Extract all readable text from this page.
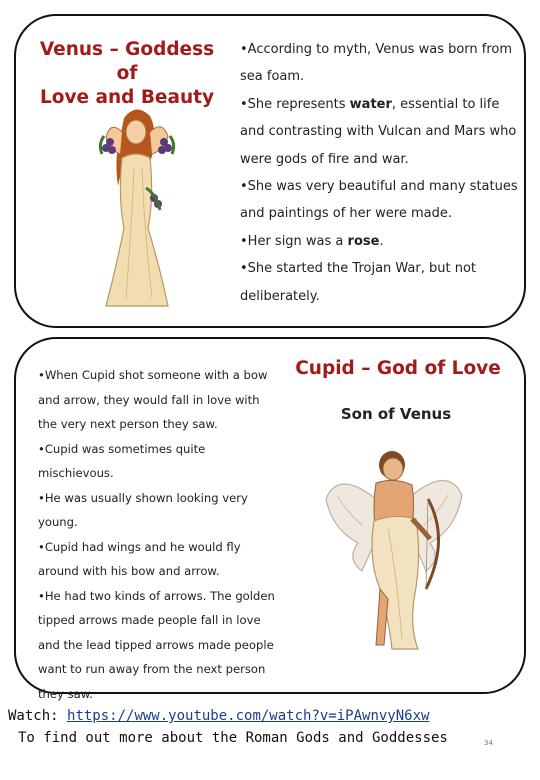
Venus – Goddess of
Love and Beauty

•According to myth, Venus was born from sea foam.

•She represents water, essential to life and contrasting with Vulcan and Mars who were gods of fire and war.

•She was very beautiful and many statues and paintings of her were made.

•Her sign was a rose.

•She started the Trojan War, but not deliberately.

•When Cupid shot someone with a bow and arrow, they would fall in love with the very next person they saw.

•Cupid was sometimes quite mischievous.

•He was usually shown looking very young.

•Cupid had wings and he would fly around with his bow and arrow.

•He had two kinds of arrows. The golden tipped arrows made people fall in love and the lead tipped arrows made people want to run away from the next person they saw.

Cupid – God of Love
Son of Venus
Watch: https://www.youtube.com/watch?v=iPAwnvyN6xw
To find out more about the Roman Gods and Goddesses	34
